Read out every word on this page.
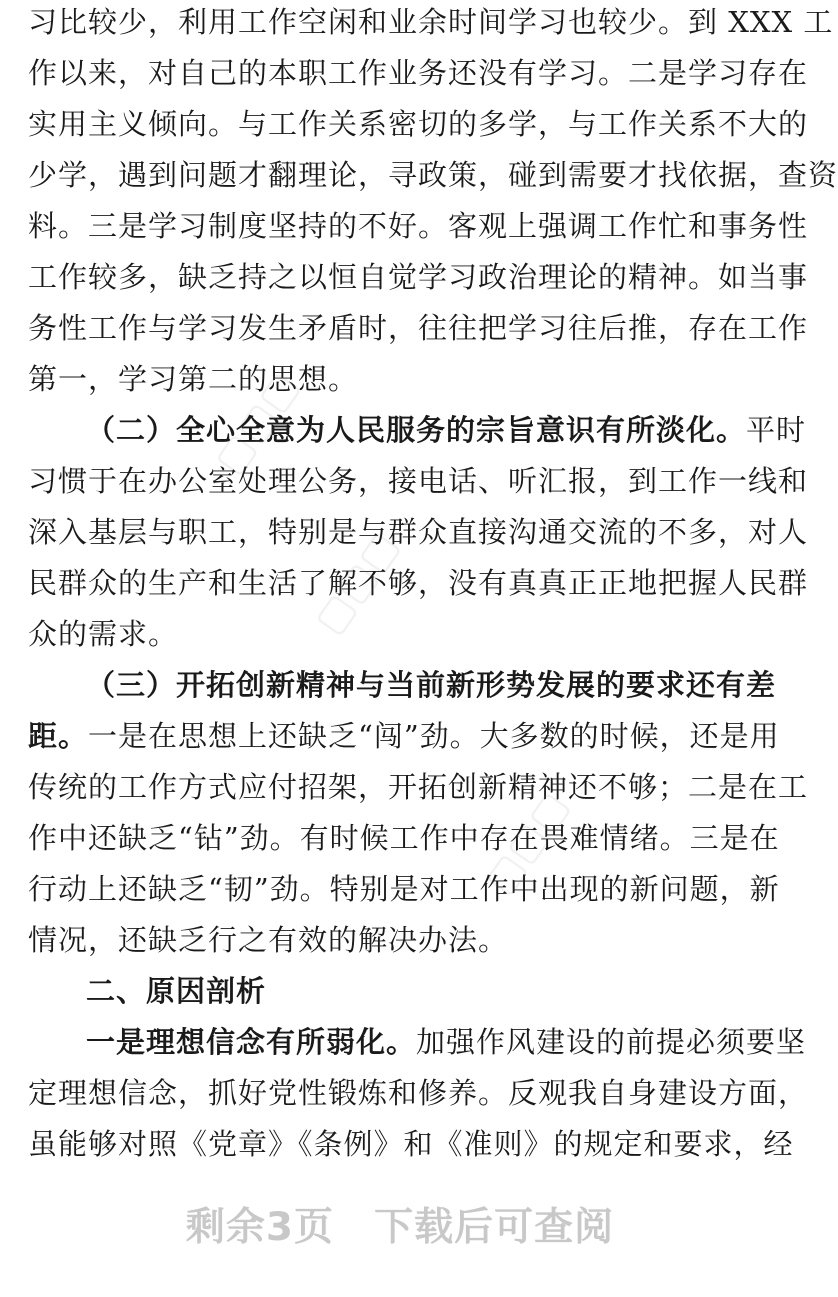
习比较少，利用工作空闲和业余时间学习也较少。到 XXX 工
作以来，对自己的本职工作业务还没有学习。二是学习存在
实用主义倾向。与工作关系密切的多学，与工作关系不大的
少学，遇到问题才翻理论，寻政策，碰到需要才找依据，查资
料。三是学习制度坚持的不好。客观上强调工作忙和事务性
工作较多，缺乏持之以恒自觉学习政治理论的精神。如当事
务性工作与学习发生矛盾时，往往把学习往后推，存在工作
第一，学习第二的思想。
（二）全心全意为人民服务的宗旨意识有所淡化。平时
习惯于在办公室处理公务，接电话、听汇报，到工作一线和
深入基层与职工，特别是与群众直接沟通交流的不多，对人
民群众的生产和生活了解不够，没有真真正正地把握人民群
众的需求。
（三）开拓创新精神与当前新形势发展的要求还有差
距。一是在思想上还缺乏“闯”劲。大多数的时候，还是用
传统的工作方式应付招架，开拓创新精神还不够；二是在工
作中还缺乏“钻”劲。有时候工作中存在畏难情绪。三是在
行动上还缺乏“韧”劲。特别是对工作中出现的新问题，新
情况，还缺乏行之有效的解决办法。
二、原因剖析
一是理想信念有所弱化。加强作风建设的前提必须要坚
定理想信念，抓好党性锻炼和修养。反观我自身建设方面，
虽能够对照《党章》《条例》和《准则》的规定和要求，经
▢▢▢
▢▢▢
▢▢▢
剩余3页 下载后可查阅
